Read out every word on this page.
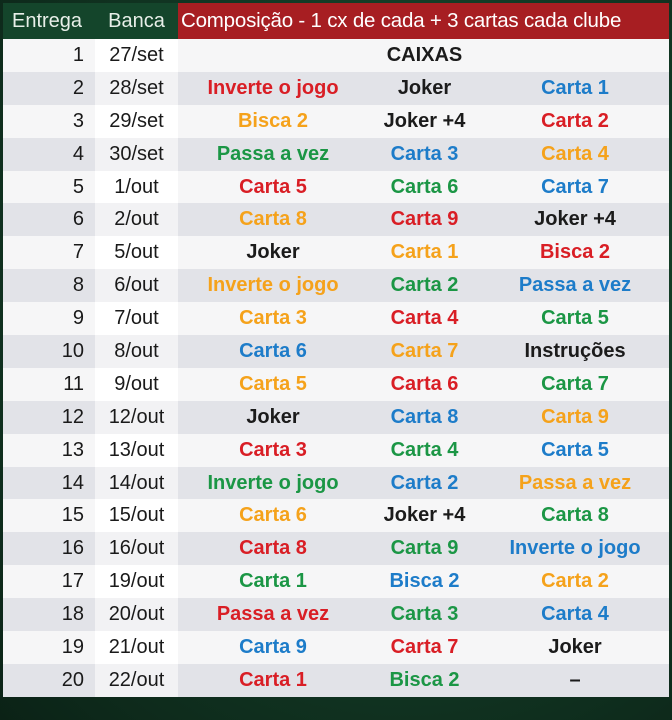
Entrega	Banca	Composição - 1 cx de cada + 3 cartas cada clube		
1	27/set		CAIXAS	
2	28/set	Inverte o jogo	Joker	Carta 1
3	29/set	Bisca 2	Joker +4	Carta 2
4	30/set	Passa a vez	Carta 3	Carta 4
5	1/out	Carta 5	Carta 6	Carta 7
6	2/out	Carta 8	Carta 9	Joker +4
7	5/out	Joker	Carta 1	Bisca 2
8	6/out	Inverte o jogo	Carta 2	Passa a vez
9	7/out	Carta 3	Carta 4	Carta 5
10	8/out	Carta 6	Carta 7	Instruções
11	9/out	Carta 5	Carta 6	Carta 7
12	12/out	Joker	Carta 8	Carta 9
13	13/out	Carta 3	Carta 4	Carta 5
14	14/out	Inverte o jogo	Carta 2	Passa a vez
15	15/out	Carta 6	Joker +4	Carta 8
16	16/out	Carta 8	Carta 9	Inverte o jogo
17	19/out	Carta 1	Bisca 2	Carta 2
18	20/out	Passa a vez	Carta 3	Carta 4
19	21/out	Carta 9	Carta 7	Joker
20	22/out	Carta 1	Bisca 2	–
